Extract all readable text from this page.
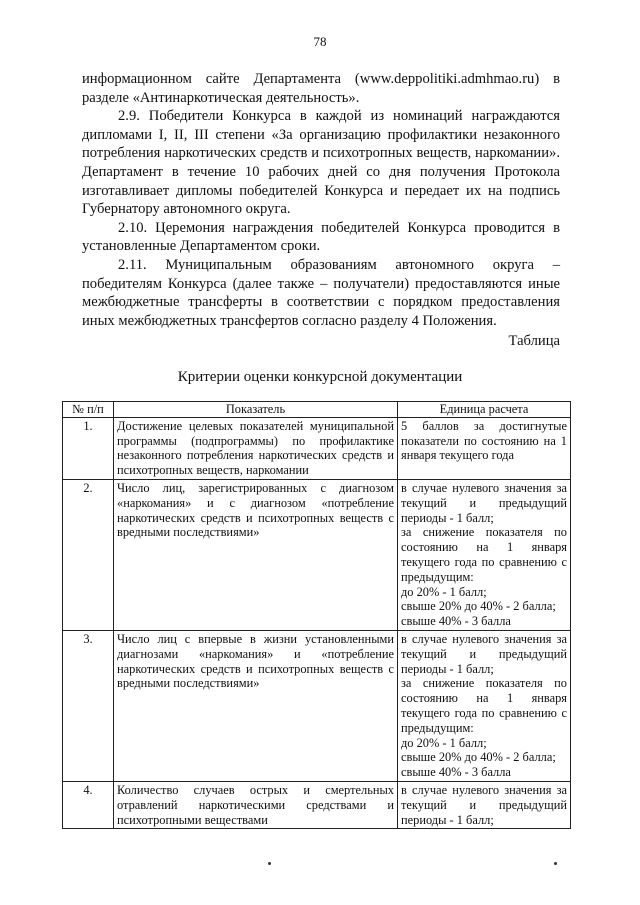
78

информационном сайте Департамента (www.deppolitiki.admhmao.ru) в разделе «Антинаркотическая деятельность».

2.9. Победители Конкурса в каждой из номинаций награждаются дипломами I, II, III степени «За организацию профилактики незаконного потребления наркотических средств и психотропных веществ, наркомании». Департамент в течение 10 рабочих дней со дня получения Протокола изготавливает дипломы победителей Конкурса и передает их на подпись Губернатору автономного округа.

2.10. Церемония награждения победителей Конкурса проводится в установленные Департаментом сроки.

2.11. Муниципальным образованиям автономного округа – победителям Конкурса (далее также – получатели) предоставляются иные межбюджетные трансферты в соответствии с порядком предоставления иных межбюджетных трансфертов согласно разделу 4 Положения.

Таблица
Критерии оценки конкурсной документации
№ п/п	Показатель	Единица расчета
1.	Достижение целевых показателей муниципальной программы (подпрограммы) по профилактике незаконного потребления наркотических средств и психотропных веществ, наркомании	5 баллов за достигнутые показатели по состоянию на 1 января текущего года

2.	Число лиц, зарегистрированных с диагнозом «наркомания» и с диагнозом «потребление наркотических средств и психотропных веществ с вредными последствиями»	в случае нулевого значения за текущий и предыдущий периоды - 1 балл;
за снижение показателя по состоянию на 1 января текущего года по сравнению с предыдущим:
до 20% - 1 балл;
свыше 20% до 40% - 2 балла;
свыше 40% - 3 балла

3.	Число лиц с впервые в жизни установленными диагнозами «наркомания» и «потребление наркотических средств и психотропных веществ с вредными последствиями»	в случае нулевого значения за текущий и предыдущий периоды - 1 балл;
за снижение показателя по состоянию на 1 января текущего года по сравнению с предыдущим:
до 20% - 1 балл;
свыше 20% до 40% - 2 балла;
свыше 40% - 3 балла

4.	Количество случаев острых и смертельных отравлений наркотическими средствами и психотропными веществами	в случае нулевого значения за текущий и предыдущий периоды - 1 балл;
